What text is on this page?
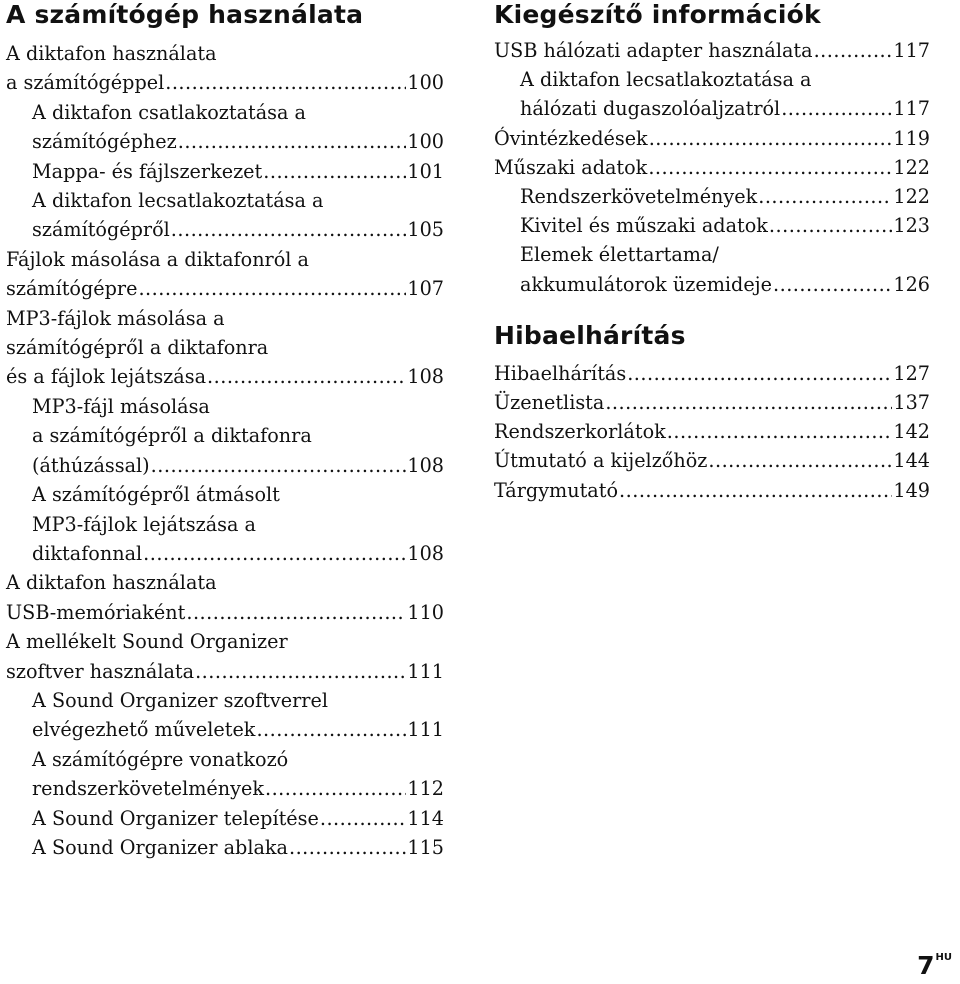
A számítógép használata
A diktafon használata
a számítógéppel .....	100
A diktafon csatlakoztatása a
számítógéphez .....	100
Mappa- és fájlszerkezet .....	101
A diktafon lecsatlakoztatása a
számítógépről .....	105
Fájlok másolása a diktafonról a
számítógépre .....	107
MP3-fájlok másolása a
számítógépről a diktafonra
és a fájlok lejátszása .....	108
MP3-fájl másolása
a számítógépről a diktafonra
(áthúzással) .....	108
A számítógépről átmásolt
MP3-fájlok lejátszása a
diktafonnal .....	108
A diktafon használata
USB-memóriaként .....	110
A mellékelt Sound Organizer
szoftver használata .....	111
A Sound Organizer szoftverrel
elvégezhető műveletek .....	111
A számítógépre vonatkozó
rendszerkövetelmények .....	112
A Sound Organizer telepítése .....	114
A Sound Organizer ablaka .....	115
Kiegészítő információk
USB hálózati adapter használata .....	117
A diktafon lecsatlakoztatása a
hálózati dugaszolóaljzatról .....	117
Óvintézkedések .....	119
Műszaki adatok .....	122
Rendszerkövetelmények .....	122
Kivitel és műszaki adatok .....	123
Elemek élettartama/
akkumulátorok üzemideje .....	126
Hibaelhárítás
Hibaelhárítás .....	127
Üzenetlista .....	137
Rendszerkorlátok .....	142
Útmutató a kijelzőhöz .....	144
Tárgymutató .....	149
$7^{HU}$
